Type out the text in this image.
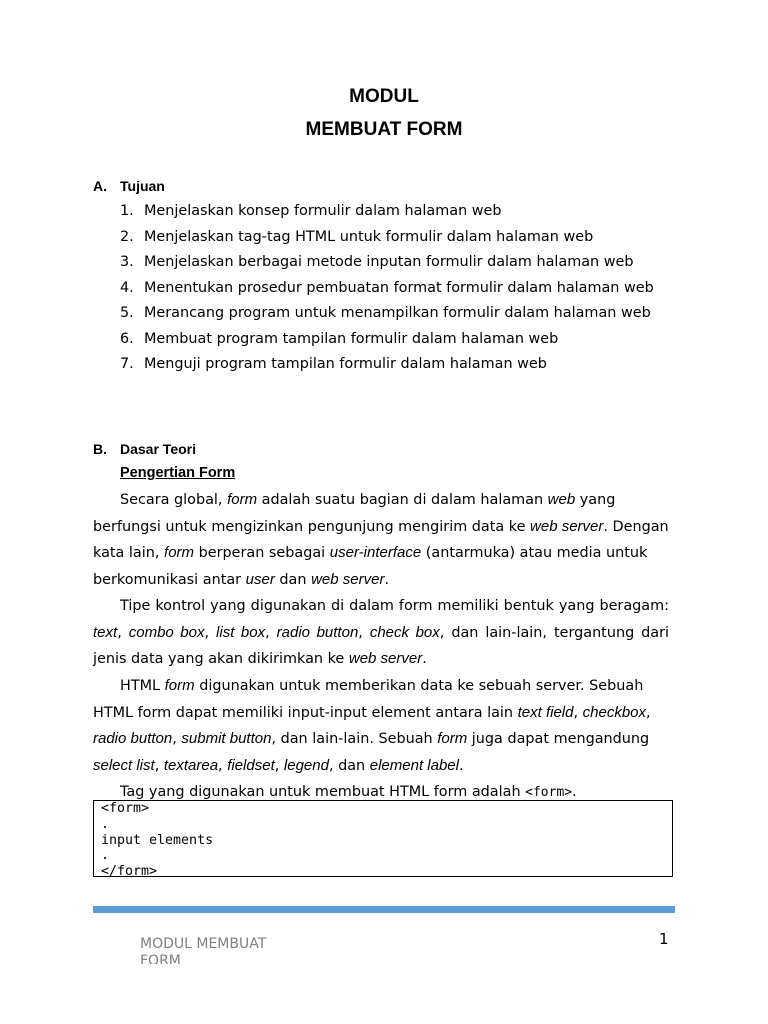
MODUL
MEMBUAT FORM
A. Tujuan
1. Menjelaskan konsep formulir dalam halaman web
2. Menjelaskan tag-tag HTML untuk formulir dalam halaman web
3. Menjelaskan berbagai metode inputan formulir dalam halaman web
4. Menentukan prosedur pembuatan format formulir dalam halaman web
5. Merancang program untuk menampilkan formulir dalam halaman web
6. Membuat program tampilan formulir dalam halaman web
7. Menguji program tampilan formulir dalam halaman web
B. Dasar Teori
Pengertian Form

Secara global, form adalah suatu bagian di dalam halaman web yang berfungsi untuk mengizinkan pengunjung mengirim data ke web server. Dengan kata lain, form berperan sebagai user-interface (antarmuka) atau media untuk berkomunikasi antar user dan web server.

Tipe kontrol yang digunakan di dalam form memiliki bentuk yang beragam: text, combo box, list box, radio button, check box, dan lain-lain, tergantung dari jenis data yang akan dikirimkan ke web server.

HTML form digunakan untuk memberikan data ke sebuah server. Sebuah HTML form dapat memiliki input-input element antara lain text field, checkbox, radio button, submit button, dan lain-lain. Sebuah form juga dapat mengandung select list, textarea, fieldset, legend, dan element label.

Tag yang digunakan untuk membuat HTML form adalah <form>.

<form>
.
input elements
.
</form>
MODUL MEMBUAT FORM
1
